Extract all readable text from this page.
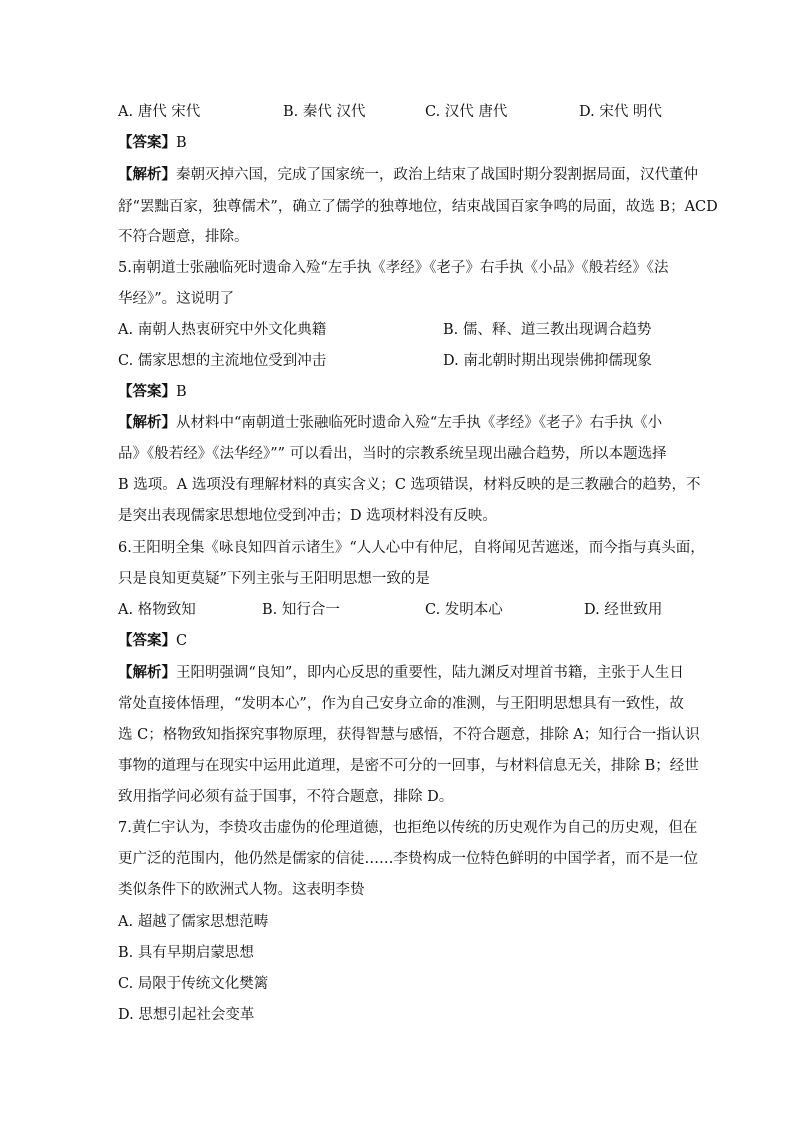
A. 唐代 宋代	B. 秦代 汉代	C. 汉代 唐代	D. 宋代 明代
【答案】B
【解析】秦朝灭掉六国，完成了国家统一，政治上结束了战国时期分裂割据局面，汉代董仲
舒“罢黜百家，独尊儒术”，确立了儒学的独尊地位，结束战国百家争鸣的局面，故选 B；ACD
不符合题意，排除。
5.南朝道士张融临死时遗命入殓“左手执《孝经》《老子》右手执《小品》《般若经》《法
华经》”。这说明了
A. 南朝人热衷研究中外文化典籍	B. 儒、释、道三教出现调合趋势
C. 儒家思想的主流地位受到冲击	D. 南北朝时期出现崇佛抑儒现象
【答案】B
【解析】从材料中“南朝道士张融临死时遗命入殓“左手执《孝经》《老子》右手执《小
品》《般若经》《法华经》”” 可以看出，当时的宗教系统呈现出融合趋势，所以本题选择
B 选项。A 选项没有理解材料的真实含义；C 选项错误，材料反映的是三教融合的趋势，不
是突出表现儒家思想地位受到冲击；D 选项材料没有反映。
6.王阳明全集《咏良知四首示诸生》“人人心中有仲尼，自将闻见苦遮迷，而今指与真头面，
只是良知更莫疑”下列主张与王阳明思想一致的是
A. 格物致知	B. 知行合一	C. 发明本心	D. 经世致用
【答案】C
【解析】王阳明强调“良知”，即内心反思的重要性，陆九渊反对埋首书籍，主张于人生日
常处直接体悟理，“发明本心”，作为自己安身立命的准测，与王阳明思想具有一致性，故
选 C；格物致知指探究事物原理，获得智慧与感悟，不符合题意，排除 A；知行合一指认识
事物的道理与在现实中运用此道理，是密不可分的一回事，与材料信息无关，排除 B；经世
致用指学问必须有益于国事，不符合题意，排除 D。
7.黄仁宇认为，李贽攻击虚伪的伦理道德，也拒绝以传统的历史观作为自己的历史观，但在
更广泛的范围内，他仍然是儒家的信徒……李贽构成一位特色鲜明的中国学者，而不是一位
类似条件下的欧洲式人物。这表明李贽
A. 超越了儒家思想范畴
B. 具有早期启蒙思想
C. 局限于传统文化樊篱
D. 思想引起社会变革
